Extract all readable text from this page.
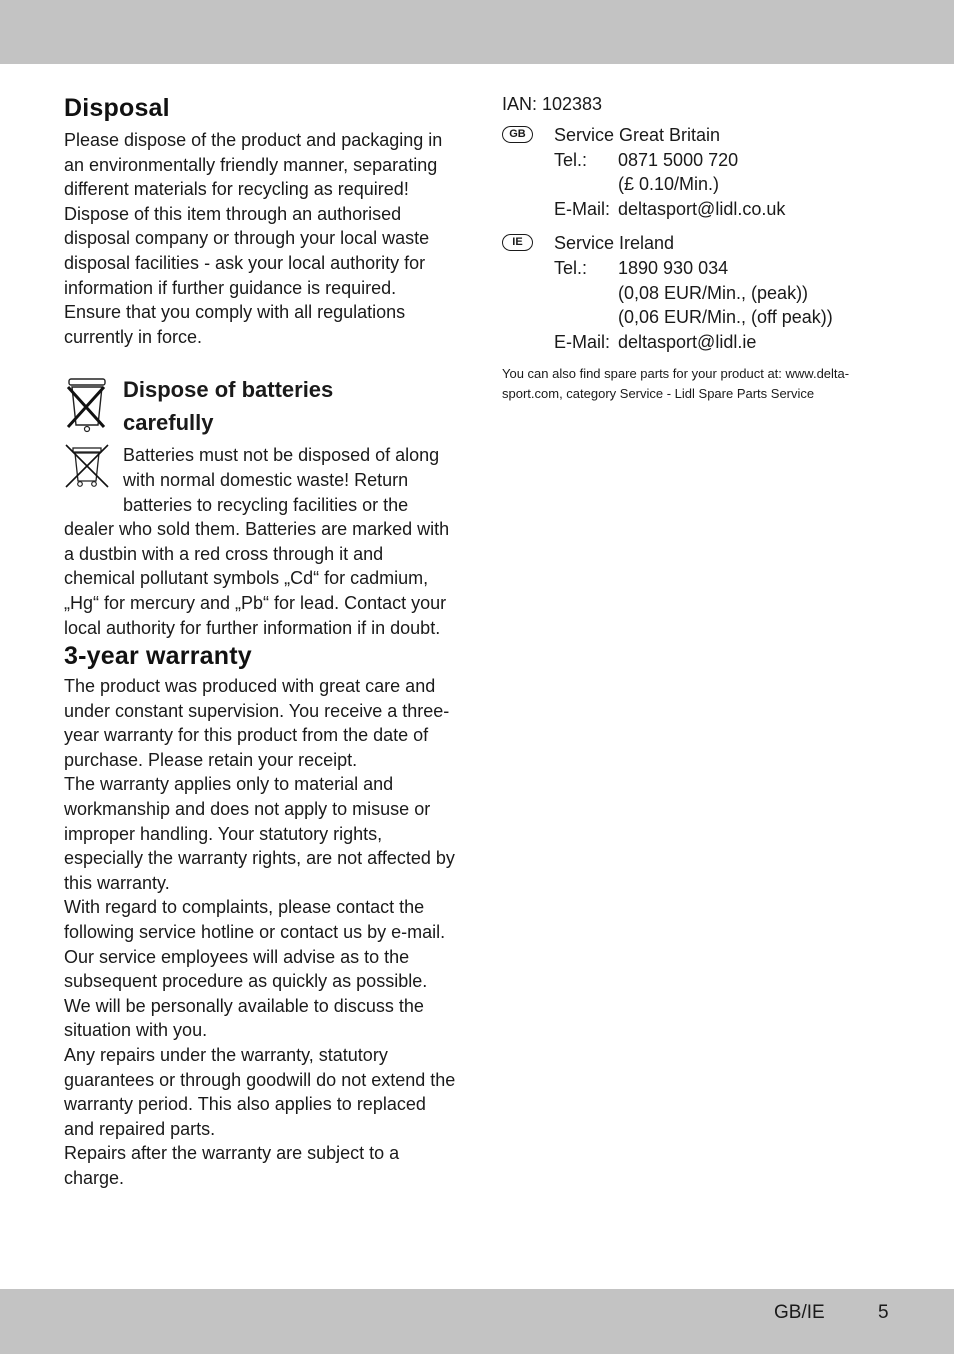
Disposal

Please dispose of the product and packaging in an environmentally friendly manner, separating different materials for recycling as required! Dispose of this item through an authorised disposal company or through your local waste disposal facilities - ask your local authority for information if further guidance is required. Ensure that you comply with all regulations currently in force.

Dispose of batteries carefully

Batteries must not be disposed of along with normal domestic waste! Return batteries to recycling facilities or the dealer who sold them. Batteries are marked with a dustbin with a red cross through it and chemical pollutant symbols „Cd“ for cadmium, „Hg“ for mercury and „Pb“ for lead. Contact your local authority for further information if in doubt.

3-year warranty

The product was produced with great care and under constant supervision. You receive a three-year warranty for this product from the date of purchase. Please retain your receipt.

The warranty applies only to material and workmanship and does not apply to misuse or improper handling. Your statutory rights, especially the warranty rights, are not affected by this warranty.

With regard to complaints, please contact the following service hotline or contact us by e-mail. Our service employees will advise as to the subsequent procedure as quickly as possible. We will be personally available to discuss the situation with you.

Any repairs under the warranty, statutory guarantees or through goodwill do not extend the warranty period. This also applies to replaced and repaired parts.

Repairs after the warranty are subject to a charge.

IAN: 102383

GB	Service Great Britain
Tel.:	0871 5000 720
(£ 0.10/Min.)
E-Mail: deltasport@lidl.co.uk
IE	Service Ireland
Tel.:	1890 930 034
(0,08 EUR/Min., (peak))
(0,06 EUR/Min., (off peak))
E-Mail: deltasport@lidl.ie
You can also find spare parts for your product at: www.delta-sport.com, category Service - Lidl Spare Parts Service
GB/IE	5
